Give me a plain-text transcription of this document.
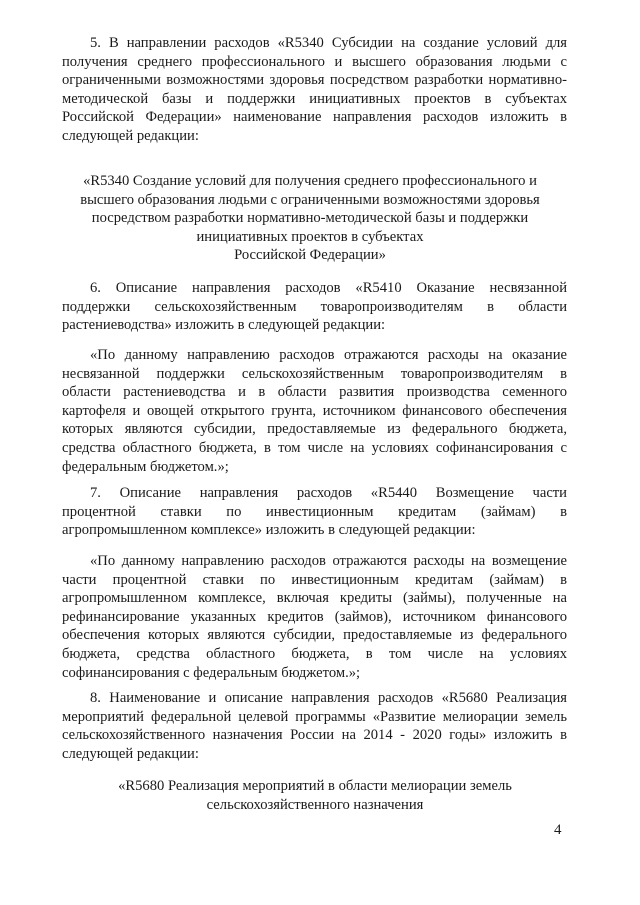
5. В направлении расходов «R5340 Субсидии на создание условий для
получения среднего профессионального и высшего образования людьми с
ограниченными возможностями здоровья посредством разработки нормативно-
методической базы и поддержки инициативных проектов в субъектах
Российской Федерации» наименование направления расходов изложить в
следующей редакции:

«R5340 Создание условий для получения среднего профессионального и
высшего образования людьми с ограниченными возможностями здоровья
посредством разработки нормативно-методической базы и поддержки
инициативных проектов в субъектах
Российской Федерации»

6. Описание направления расходов «R5410 Оказание несвязанной
поддержки сельскохозяйственным товаропроизводителям в области
растениеводства» изложить в следующей редакции:

«По данному направлению расходов отражаются расходы на оказание
несвязанной поддержки сельскохозяйственным товаропроизводителям в
области растениеводства и в области развития производства семенного
картофеля и овощей открытого грунта, источником финансового обеспечения
которых являются субсидии, предоставляемые из федерального бюджета,
средства областного бюджета, в том числе на условиях софинансирования с
федеральным бюджетом.»;

7. Описание направления расходов «R5440 Возмещение части
процентной ставки по инвестиционным кредитам (займам) в
агропромышленном комплексе» изложить в следующей редакции:

«По данному направлению расходов отражаются расходы на возмещение
части процентной ставки по инвестиционным кредитам (займам) в
агропромышленном комплексе, включая кредиты (займы), полученные на
рефинансирование указанных кредитов (займов), источником финансового
обеспечения которых являются субсидии, предоставляемые из федерального
бюджета, средства областного бюджета, в том числе на условиях
софинансирования с федеральным бюджетом.»;

8. Наименование и описание направления расходов «R5680 Реализация
мероприятий федеральной целевой программы «Развитие мелиорации земель
сельскохозяйственного назначения России на 2014 - 2020 годы» изложить в
следующей редакции:

«R5680 Реализация мероприятий в области мелиорации земель
сельскохозяйственного назначения

4
